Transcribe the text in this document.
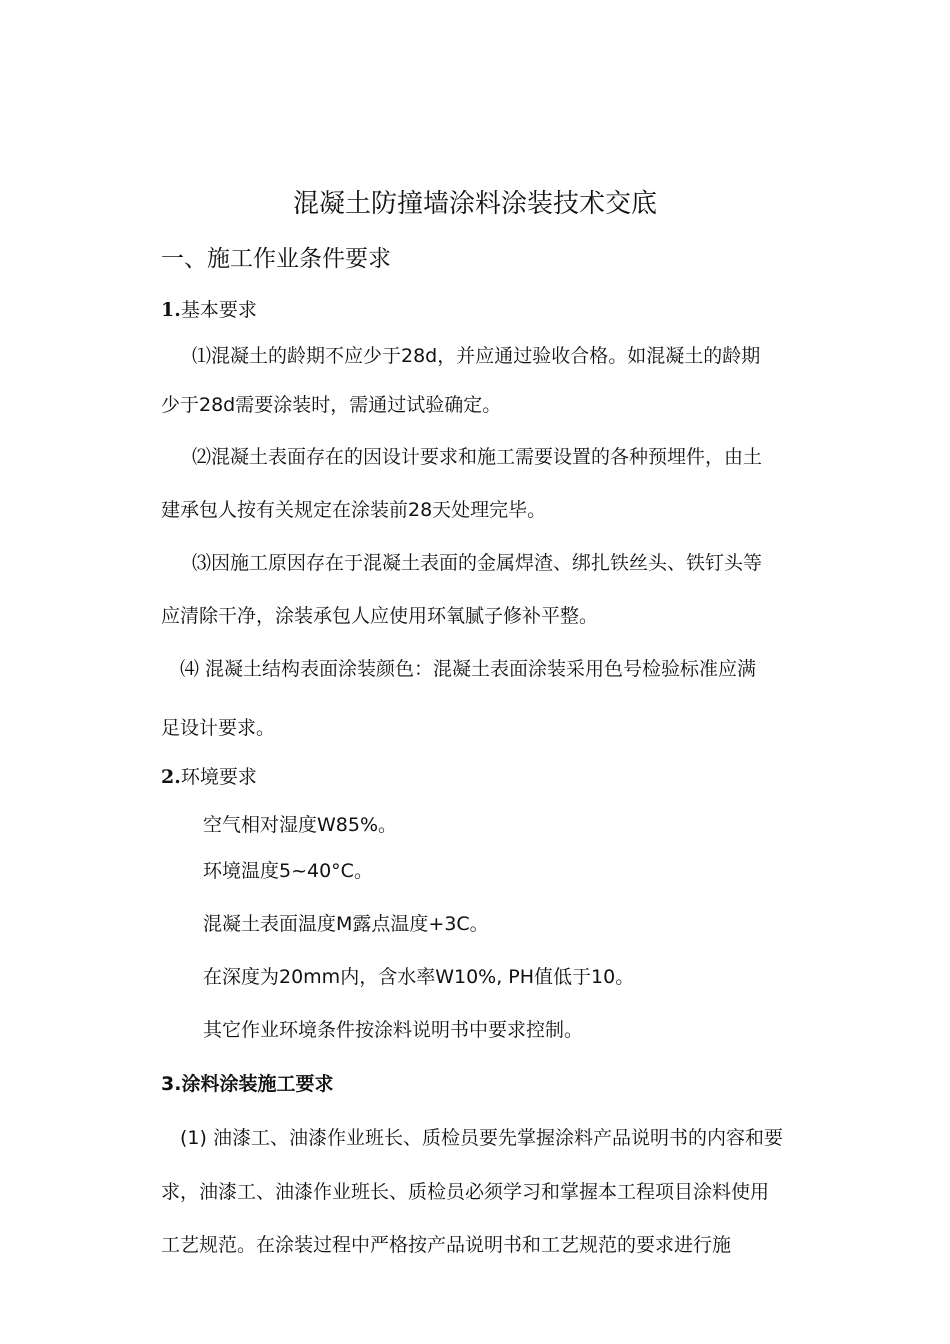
混凝土防撞墙涂料涂装技术交底
一、施工作业条件要求
1.基本要求
⑴混凝土的龄期不应少于28d，并应通过验收合格。如混凝土的龄期
少于28d需要涂装时，需通过试验确定。
⑵混凝土表面存在的因设计要求和施工需要设置的各种预埋件，由土
建承包人按有关规定在涂装前28天处理完毕。
⑶因施工原因存在于混凝土表面的金属焊渣、绑扎铁丝头、铁钉头等
应清除干净，涂装承包人应使用环氧腻子修补平整。
⑷ 混凝土结构表面涂装颜色：混凝土表面涂装采用色号检验标准应满
足设计要求。
2.环境要求
空气相对湿度W85%。
环境温度5~40°C。
混凝土表面温度M露点温度+3C。
在深度为20mm内，含水率W10%, PH值低于10。
其它作业环境条件按涂料说明书中要求控制。
3.涂料涂装施工要求
(1) 油漆工、油漆作业班长、质检员要先掌握涂料产品说明书的内容和要
求，油漆工、油漆作业班长、质检员必须学习和掌握本工程项目涂料使用
工艺规范。在涂装过程中严格按产品说明书和工艺规范的要求进行施
